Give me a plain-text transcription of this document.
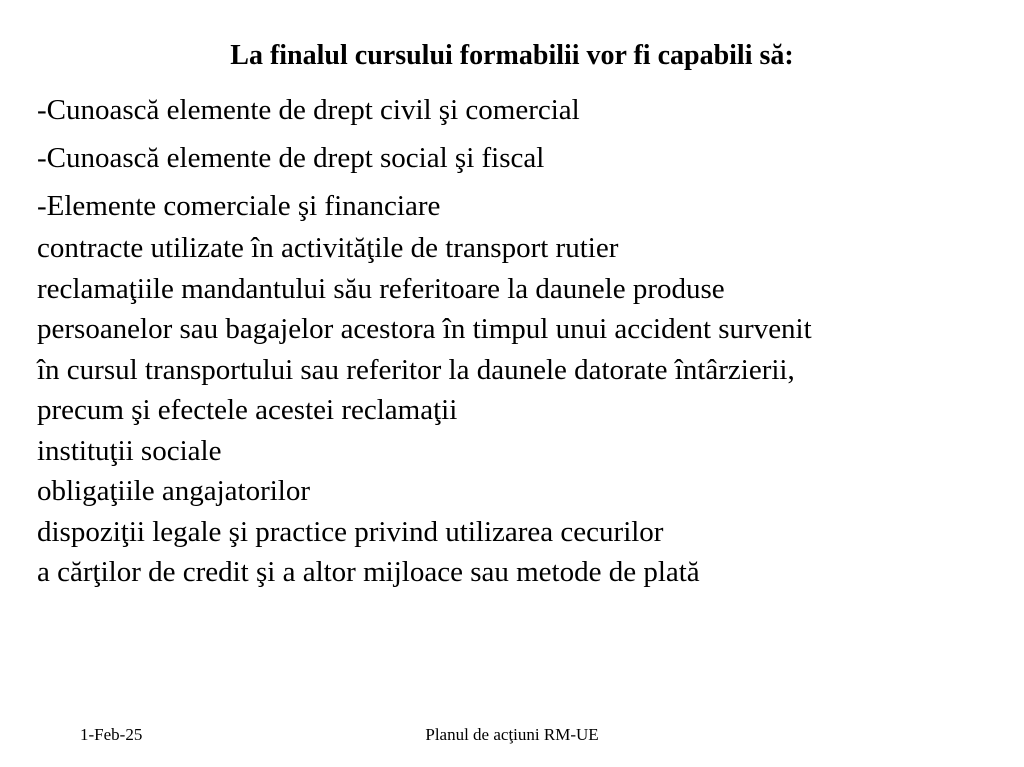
La finalul cursului formabilii vor fi capabili să:
-Cunoască elemente de drept civil şi comercial
-Cunoască elemente de drept social şi fiscal
-Elemente comerciale şi financiare
contracte utilizate în activităţile de transport rutier
reclamaţiile mandantului său referitoare la daunele produse
persoanelor sau bagajelor acestora în timpul unui accident survenit
în cursul transportului sau referitor la daunele datorate întârzierii,
precum şi efectele acestei reclamaţii
instituţii sociale
obligaţiile angajatorilor
dispoziţii legale şi practice privind utilizarea cecurilor
a cărţilor de credit şi a altor mijloace sau metode de plată
1-Feb-25	Planul de acţiuni RM-UE
